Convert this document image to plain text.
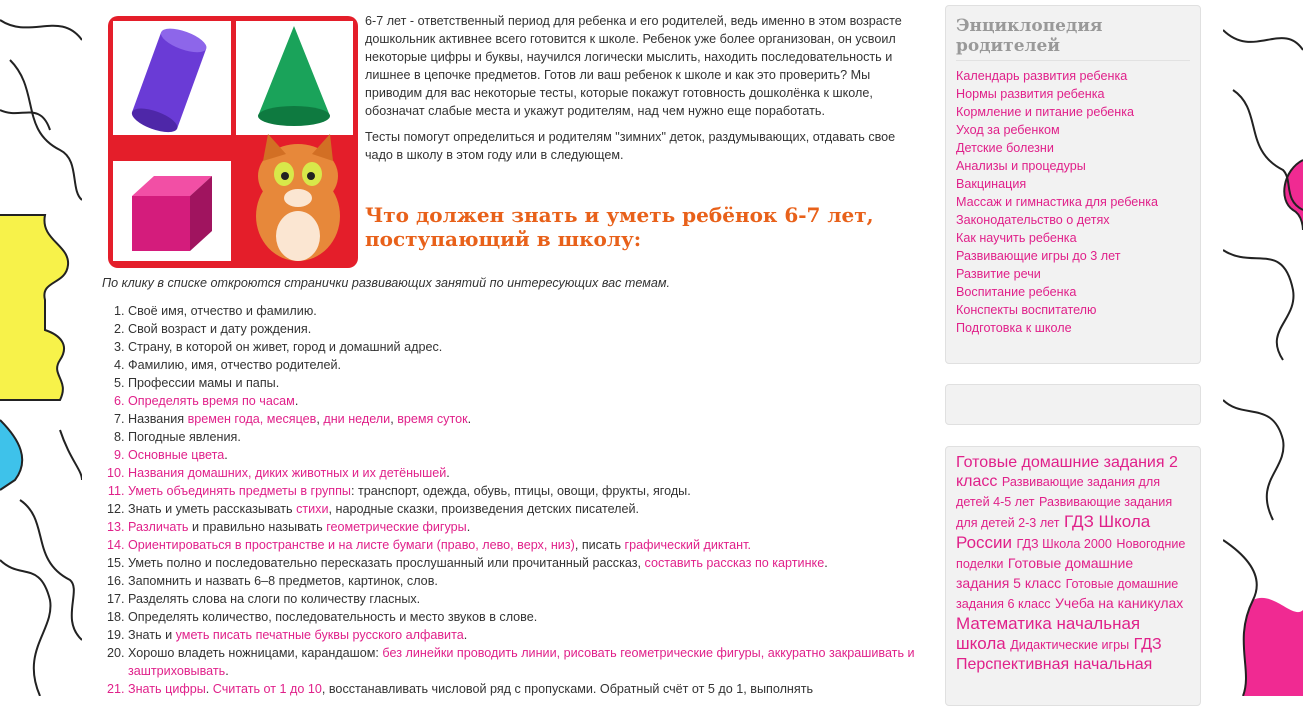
6-7 лет - ответственный период для ребенка и его родителей, ведь именно в этом возрасте дошкольник активнее всего готовится к школе. Ребенок уже более организован, он усвоил некоторые цифры и буквы, научился логически мыслить, находить последовательность и лишнее в цепочке предметов. Готов ли ваш ребенок к школе и как это проверить? Мы приводим для вас некоторые тесты, которые покажут готовность дошколёнка к школе, обозначат слабые места и укажут родителям, над чем нужно еще поработать.

Тесты помогут определиться и родителям "зимних" деток, раздумывающих, отдавать свое чадо в школу в этом году или в следующем.

Что должен знать и уметь ребёнок 6-7 лет, поступающий в школу:
По клику в списке откроются странички развивающих занятий по интересующих вас темам.
1. Своё имя, отчество и фамилию.
2. Свой возраст и дату рождения.
3. Страну, в которой он живет, город и домашний адрес.
4. Фамилию, имя, отчество родителей.
5. Профессии мамы и папы.
6. Определять время по часам.
7. Названия времен года, месяцев, дни недели, время суток.
8. Погодные явления.
9. Основные цвета.
10. Названия домашних, диких животных и их детёнышей.
11. Уметь объединять предметы в группы: транспорт, одежда, обувь, птицы, овощи, фрукты, ягоды.
12. Знать и уметь рассказывать стихи, народные сказки, произведения детских писателей.
13. Различать и правильно называть геометрические фигуры.
14. Ориентироваться в пространстве и на листе бумаги (право, лево, верх, низ), писать графический диктант.
15. Уметь полно и последовательно пересказать прослушанный или прочитанный рассказ, составить рассказ по картинке.
16. Запомнить и назвать 6–8 предметов, картинок, слов.
17. Разделять слова на слоги по количеству гласных.
18. Определять количество, последовательность и место звуков в слове.
19. Знать и уметь писать печатные буквы русского алфавита.
20. Хорошо владеть ножницами, карандашом: без линейки проводить линии, рисовать геометрические фигуры, аккуратно закрашивать и заштриховывать.
21. Знать цифры. Считать от 1 до 10, восстанавливать числовой ряд с пропусками. Обратный счёт от 5 до 1, выполнять
Энциклопедия родителей
Календарь развития ребенка
Нормы развития ребенка
Кормление и питание ребенка
Уход за ребенком
Детские болезни
Анализы и процедуры
Вакцинация
Массаж и гимнастика для ребенка
Законодательство о детях
Как научить ребенка
Развивающие игры до 3 лет
Развитие речи
Воспитание ребенка
Конспекты воспитателю
Подготовка к школе
Готовые домашние задания 2 класс Развивающие задания для детей 4-5 лет Развивающие задания для детей 2-3 лет ГДЗ Школа России ГДЗ Школа 2000 Новогодние поделки Готовые домашние задания 5 класс Готовые домашние задания 6 класс Учеба на каникулах Математика начальная школа Дидактические игры ГДЗ Перспективная начальная
